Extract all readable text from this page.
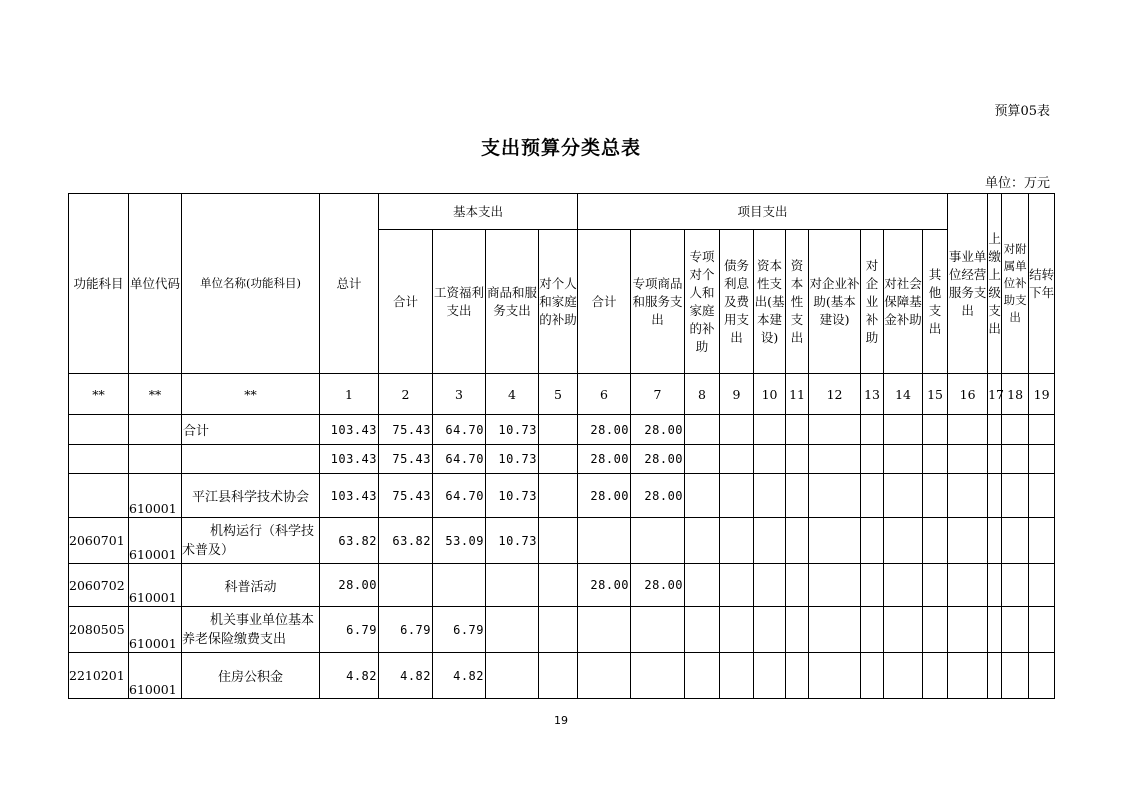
预算05表
支出预算分类总表
单位：万元
功能科目	单位代码	单位名称(功能科目)	总计	基本支出				项目支出										事业单位经营服务支出	上缴上级支出	对附属单位补助支出	结转下年
				合计	工资福利支出	商品和服务支出	对个人和家庭的补助	合计	专项商品和服务支出	专项对个人和家庭的补助	债务利息及费用支出	资本性支出(基本建设)	资本性支出	对企业补助(基本建设)	对企业补助	对社会保障基金补助	其他支出				
**	**	**	1	2	3	4	5	6	7	8	9	10	11	12	13	14	15	16	17	18	19
		合计	103.43	75.43	64.70	10.73		28.00	28.00												
			103.43	75.43	64.70	10.73		28.00	28.00												
	610001	平江县科学技术协会	103.43	75.43	64.70	10.73		28.00	28.00												
2060701	610001	机构运行（科学技术普及）	63.82	63.82	53.09	10.73															
2060702	610001	科普活动	28.00					28.00	28.00												
2080505	610001	机关事业单位基本养老保险缴费支出	6.79	6.79	6.79																
2210201	610001	住房公积金	4.82	4.82	4.82																
19
